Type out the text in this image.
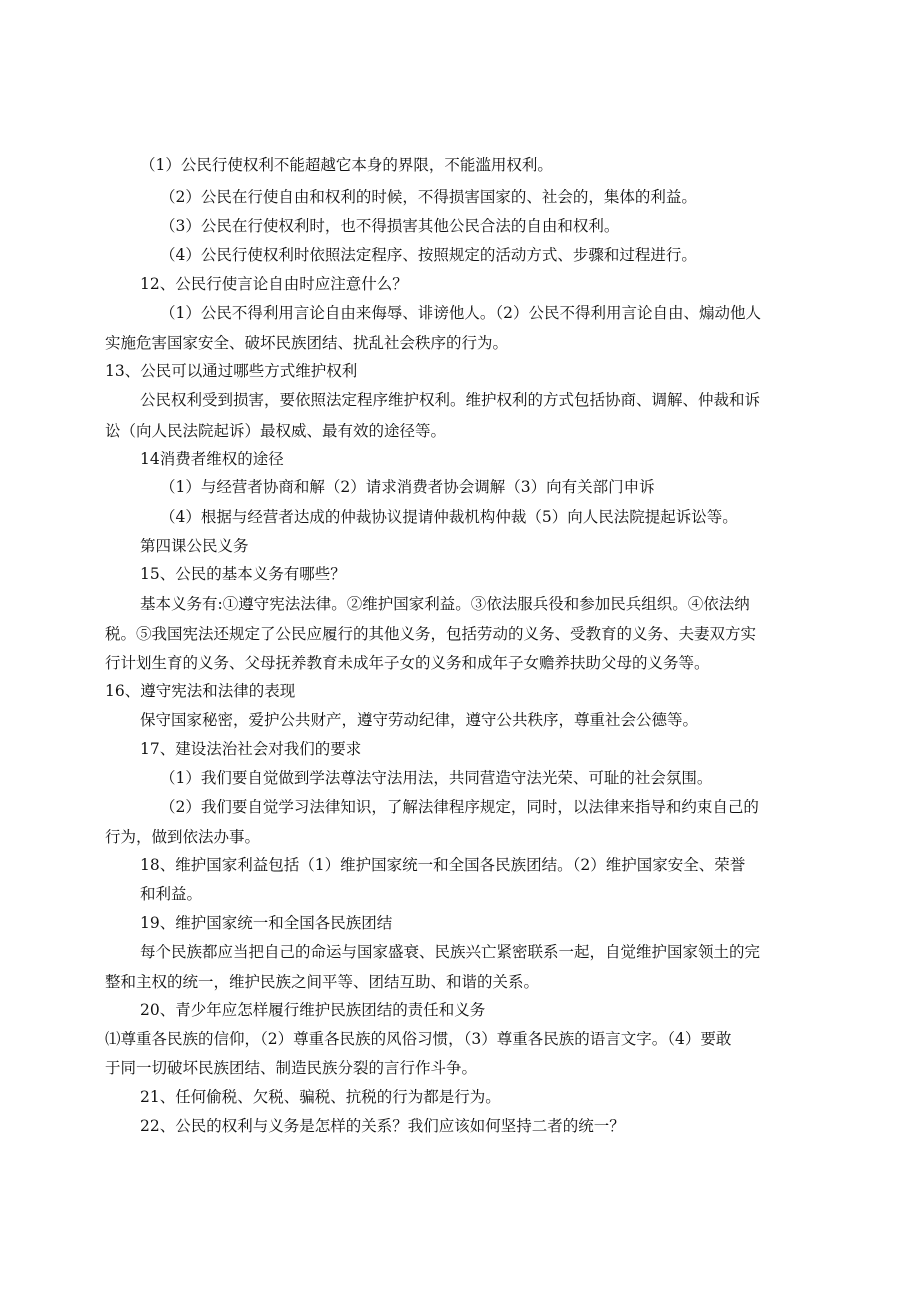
（1）公民行使权利不能超越它本身的界限，不能滥用权利。
（2）公民在行使自由和权利的时候，不得损害国家的、社会的，集体的利益。
（3）公民在行使权利时，也不得损害其他公民合法的自由和权利。
（4）公民行使权利时依照法定程序、按照规定的活动方式、步骤和过程进行。
12、公民行使言论自由时应注意什么？
（1）公民不得利用言论自由来侮辱、诽谤他人。（2）公民不得利用言论自由、煽动他人
实施危害国家安全、破坏民族团结、扰乱社会秩序的行为。
13、公民可以通过哪些方式维护权利
公民权利受到损害，要依照法定程序维护权利。维护权利的方式包括协商、调解、仲裁和诉
讼（向人民法院起诉）最权威、最有效的途径等。
14消费者维权的途径
（1）与经营者协商和解（2）请求消费者协会调解（3）向有关部门申诉
（4）根据与经营者达成的仲裁协议提请仲裁机构仲裁（5）向人民法院提起诉讼等。
第四课公民义务
15、公民的基本义务有哪些？
基本义务有:①遵守宪法法律。②维护国家利益。③依法服兵役和参加民兵组织。④依法纳
税。⑤我国宪法还规定了公民应履行的其他义务，包括劳动的义务、受教育的义务、夫妻双方实
行计划生育的义务、父母抚养教育未成年子女的义务和成年子女赡养扶助父母的义务等。
16、遵守宪法和法律的表现
保守国家秘密，爱护公共财产，遵守劳动纪律，遵守公共秩序，尊重社会公德等。
17、建设法治社会对我们的要求
（1）我们要自觉做到学法尊法守法用法，共同营造守法光荣、可耻的社会氛围。
（2）我们要自觉学习法律知识，了解法律程序规定，同时，以法律来指导和约束自己的
行为，做到依法办事。
18、维护国家利益包括（1）维护国家统一和全国各民族团结。（2）维护国家安全、荣誉
和利益。
19、维护国家统一和全国各民族团结
每个民族都应当把自己的命运与国家盛衰、民族兴亡紧密联系一起，自觉维护国家领土的完
整和主权的统一，维护民族之间平等、团结互助、和谐的关系。
20、青少年应怎样履行维护民族团结的责任和义务
⑴尊重各民族的信仰，（2）尊重各民族的风俗习惯，（3）尊重各民族的语言文字。（4）要敢
于同一切破坏民族团结、制造民族分裂的言行作斗争。
21、任何偷税、欠税、骗税、抗税的行为都是行为。
22、公民的权利与义务是怎样的关系？我们应该如何坚持二者的统一？
